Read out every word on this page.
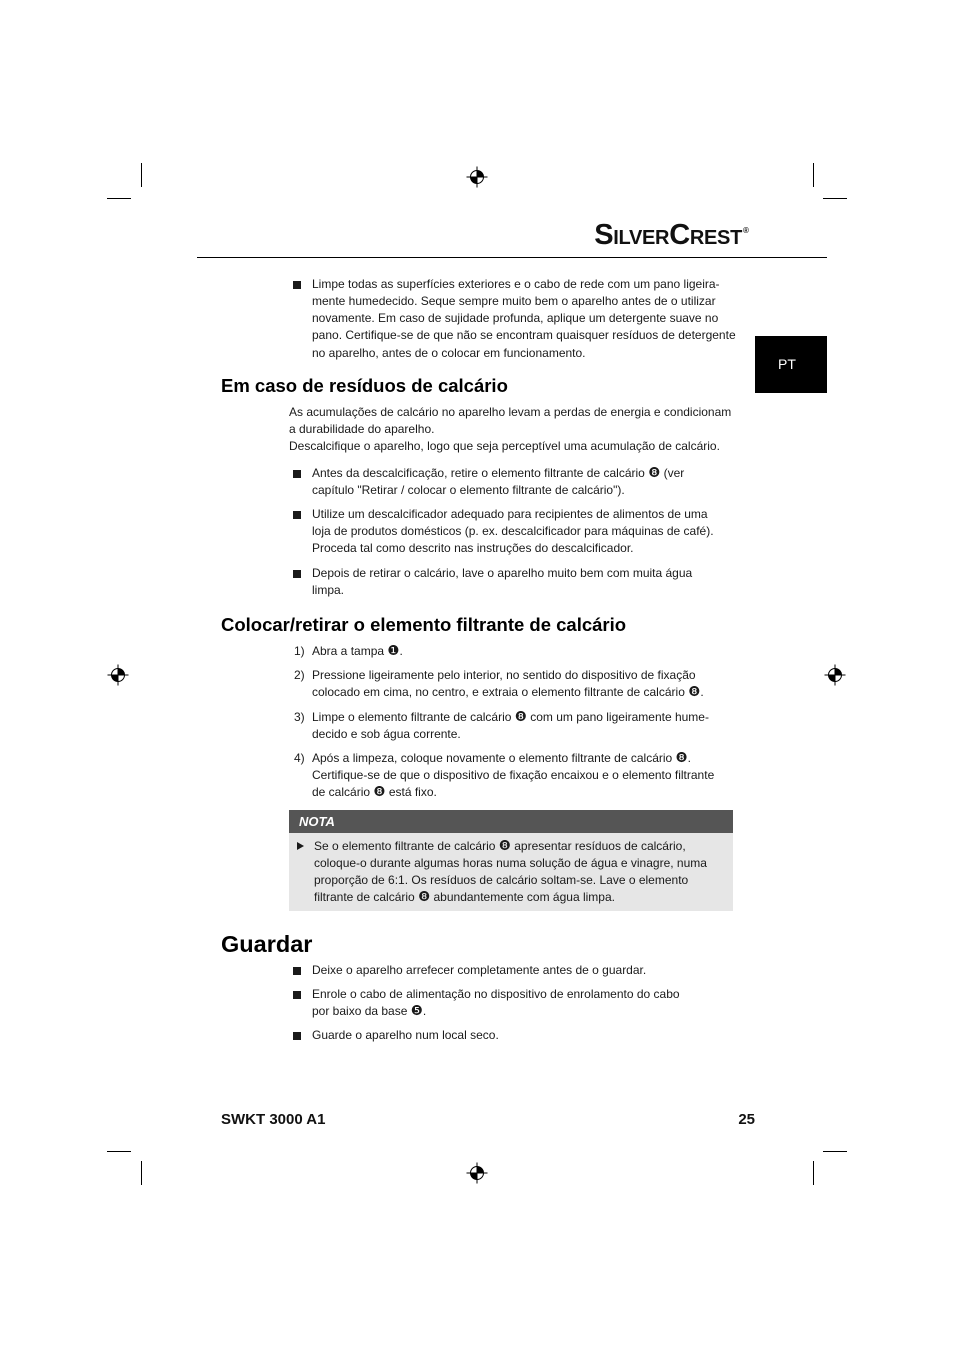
SilverCrest ®
PT
Limpe todas as superfícies exteriores e o cabo de rede com um pano ligeira-
mente humedecido. Seque sempre muito bem o aparelho antes de o utilizar
novamente. Em caso de sujidade profunda, aplique um detergente suave no
pano. Certifique-se de que não se encontram quaisquer resíduos de detergente
no aparelho, antes de o colocar em funcionamento.
Em caso de resíduos de calcário
As acumulações de calcário no aparelho levam a perdas de energia e condicionam
a durabilidade do aparelho.
Descalcifique o aparelho, logo que seja perceptível uma acumulação de calcário.
Antes da descalcificação, retire o elemento filtrante de calcário ❽ (ver
capítulo "Retirar / colocar o elemento filtrante de calcário").
Utilize um descalcificador adequado para recipientes de alimentos de uma
loja de produtos domésticos (p. ex. descalcificador para máquinas de café).
Proceda tal como descrito nas instruções do descalcificador.
Depois de retirar o calcário, lave o aparelho muito bem com muita água
limpa.
Colocar/retirar o elemento filtrante de calcário
1) Abra a tampa ❶.
2) Pressione ligeiramente pelo interior, no sentido do dispositivo de fixação
colocado em cima, no centro, e extraia o elemento filtrante de calcário ❽.
3) Limpe o elemento filtrante de calcário ❽ com um pano ligeiramente hume-
decido e sob água corrente.
4) Após a limpeza, coloque novamente o elemento filtrante de calcário ❽.
Certifique-se de que o dispositivo de fixação encaixou e o elemento filtrante
de calcário ❽ está fixo.
NOTA
Se o elemento filtrante de calcário ❽ apresentar resíduos de calcário,
coloque-o durante algumas horas numa solução de água e vinagre, numa
proporção de 6:1. Os resíduos de calcário soltam-se. Lave o elemento
filtrante de calcário ❽ abundantemente com água limpa.
Guardar
Deixe o aparelho arrefecer completamente antes de o guardar.
Enrole o cabo de alimentação no dispositivo de enrolamento do cabo
por baixo da base ❺.
Guarde o aparelho num local seco.
SWKT 3000 A1	25
